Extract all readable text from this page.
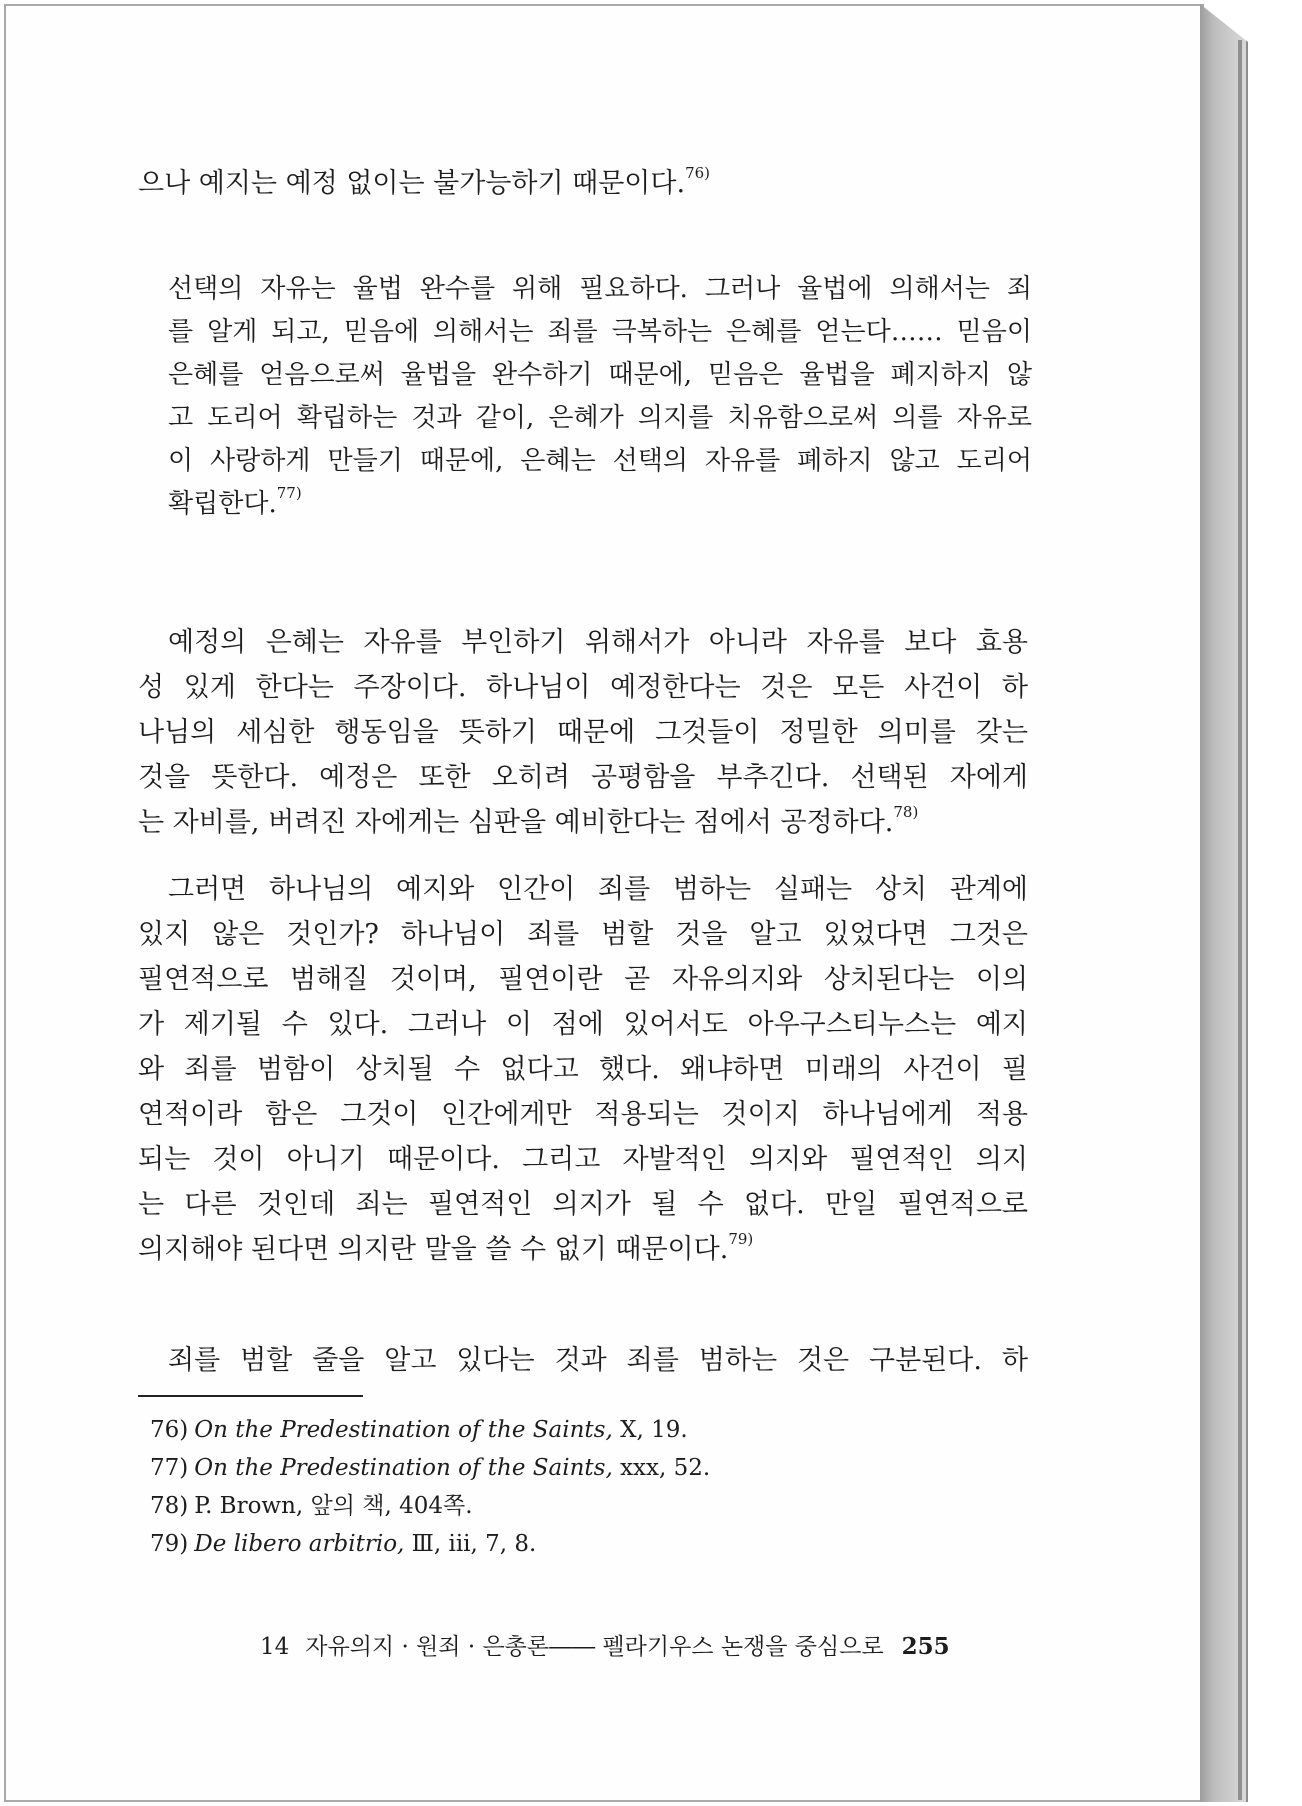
으나 예지는 예정 없이는 불가능하기 때문이다.$^{76)}$
선택의 자유는 율법 완수를 위해 필요하다. 그러나 율법에 의해서는 죄
를 알게 되고, 믿음에 의해서는 죄를 극복하는 은혜를 얻는다…… 믿음이
은혜를 얻음으로써 율법을 완수하기 때문에, 믿음은 율법을 폐지하지 않
고 도리어 확립하는 것과 같이, 은혜가 의지를 치유함으로써 의를 자유로
이 사랑하게 만들기 때문에, 은혜는 선택의 자유를 폐하지 않고 도리어
확립한다.$^{77)}$
예정의 은혜는 자유를 부인하기 위해서가 아니라 자유를 보다 효용
성 있게 한다는 주장이다. 하나님이 예정한다는 것은 모든 사건이 하
나님의 세심한 행동임을 뜻하기 때문에 그것들이 정밀한 의미를 갖는
것을 뜻한다. 예정은 또한 오히려 공평함을 부추긴다. 선택된 자에게
는 자비를, 버려진 자에게는 심판을 예비한다는 점에서 공정하다.$^{78)}$
그러면 하나님의 예지와 인간이 죄를 범하는 실패는 상치 관계에
있지 않은 것인가? 하나님이 죄를 범할 것을 알고 있었다면 그것은
필연적으로 범해질 것이며, 필연이란 곧 자유의지와 상치된다는 이의
가 제기될 수 있다. 그러나 이 점에 있어서도 아우구스티누스는 예지
와 죄를 범함이 상치될 수 없다고 했다. 왜냐하면 미래의 사건이 필
연적이라 함은 그것이 인간에게만 적용되는 것이지 하나님에게 적용
되는 것이 아니기 때문이다. 그리고 자발적인 의지와 필연적인 의지
는 다른 것인데 죄는 필연적인 의지가 될 수 없다. 만일 필연적으로
의지해야 된다면 의지란 말을 쓸 수 없기 때문이다.$^{79)}$
죄를 범할 줄을 알고 있다는 것과 죄를 범하는 것은 구분된다. 하
76) On the Predestination of the Saints, Ⅹ, 19.
77) On the Predestination of the Saints, xxx, 52.
78) P. Brown, 앞의 책, 404쪽.
79) De libero arbitrio, Ⅲ, iii, 7, 8.
14 자유의지 · 원죄 · 은총론―― 펠라기우스 논쟁을 중심으로 255
